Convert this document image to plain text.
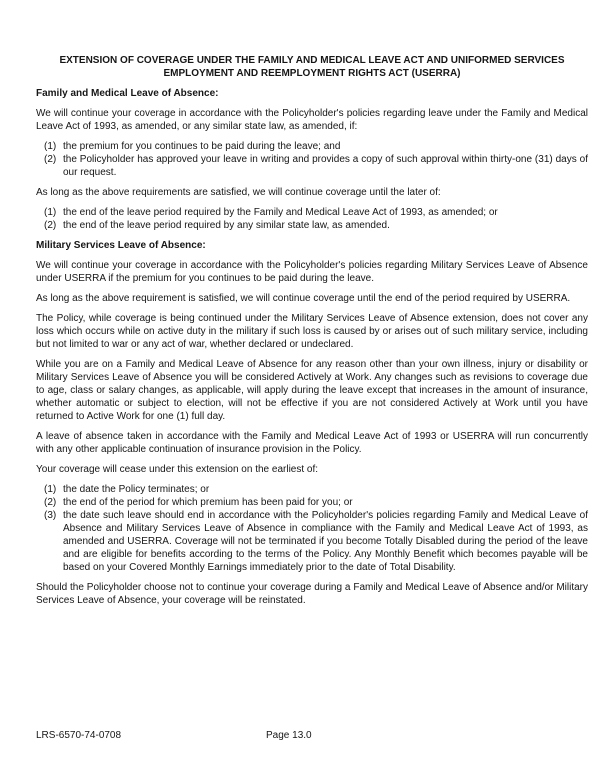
EXTENSION OF COVERAGE UNDER THE FAMILY AND MEDICAL LEAVE ACT AND UNIFORMED SERVICES
EMPLOYMENT AND REEMPLOYMENT RIGHTS ACT (USERRA)
Family and Medical Leave of Absence:

We will continue your coverage in accordance with the Policyholder's policies regarding leave under the Family and Medical Leave Act of 1993, as amended, or any similar state law, as amended, if:

(1) the premium for you continues to be paid during the leave; and
(2) the Policyholder has approved your leave in writing and provides a copy of such approval within thirty-one (31) days of our request.

As long as the above requirements are satisfied, we will continue coverage until the later of:

(1) the end of the leave period required by the Family and Medical Leave Act of 1993, as amended; or
(2) the end of the leave period required by any similar state law, as amended.
Military Services Leave of Absence:

We will continue your coverage in accordance with the Policyholder's policies regarding Military Services Leave of Absence under USERRA if the premium for you continues to be paid during the leave.

As long as the above requirement is satisfied, we will continue coverage until the end of the period required by USERRA.

The Policy, while coverage is being continued under the Military Services Leave of Absence extension, does not cover any loss which occurs while on active duty in the military if such loss is caused by or arises out of such military service, including but not limited to war or any act of war, whether declared or undeclared.

While you are on a Family and Medical Leave of Absence for any reason other than your own illness, injury or disability or Military Services Leave of Absence you will be considered Actively at Work. Any changes such as revisions to coverage due to age, class or salary changes, as applicable, will apply during the leave except that increases in the amount of insurance, whether automatic or subject to election, will not be effective if you are not considered Actively at Work until you have returned to Active Work for one (1) full day.

A leave of absence taken in accordance with the Family and Medical Leave Act of 1993 or USERRA will run concurrently with any other applicable continuation of insurance provision in the Policy.

Your coverage will cease under this extension on the earliest of:

(1) the date the Policy terminates; or
(2) the end of the period for which premium has been paid for you; or
(3) the date such leave should end in accordance with the Policyholder's policies regarding Family and Medical Leave of Absence and Military Services Leave of Absence in compliance with the Family and Medical Leave Act of 1993, as amended and USERRA. Coverage will not be terminated if you become Totally Disabled during the period of the leave and are eligible for benefits according to the terms of the Policy. Any Monthly Benefit which becomes payable will be based on your Covered Monthly Earnings immediately prior to the date of Total Disability.

Should the Policyholder choose not to continue your coverage during a Family and Medical Leave of Absence and/or Military Services Leave of Absence, your coverage will be reinstated.

LRS-6570-74-0708	Page 13.0
